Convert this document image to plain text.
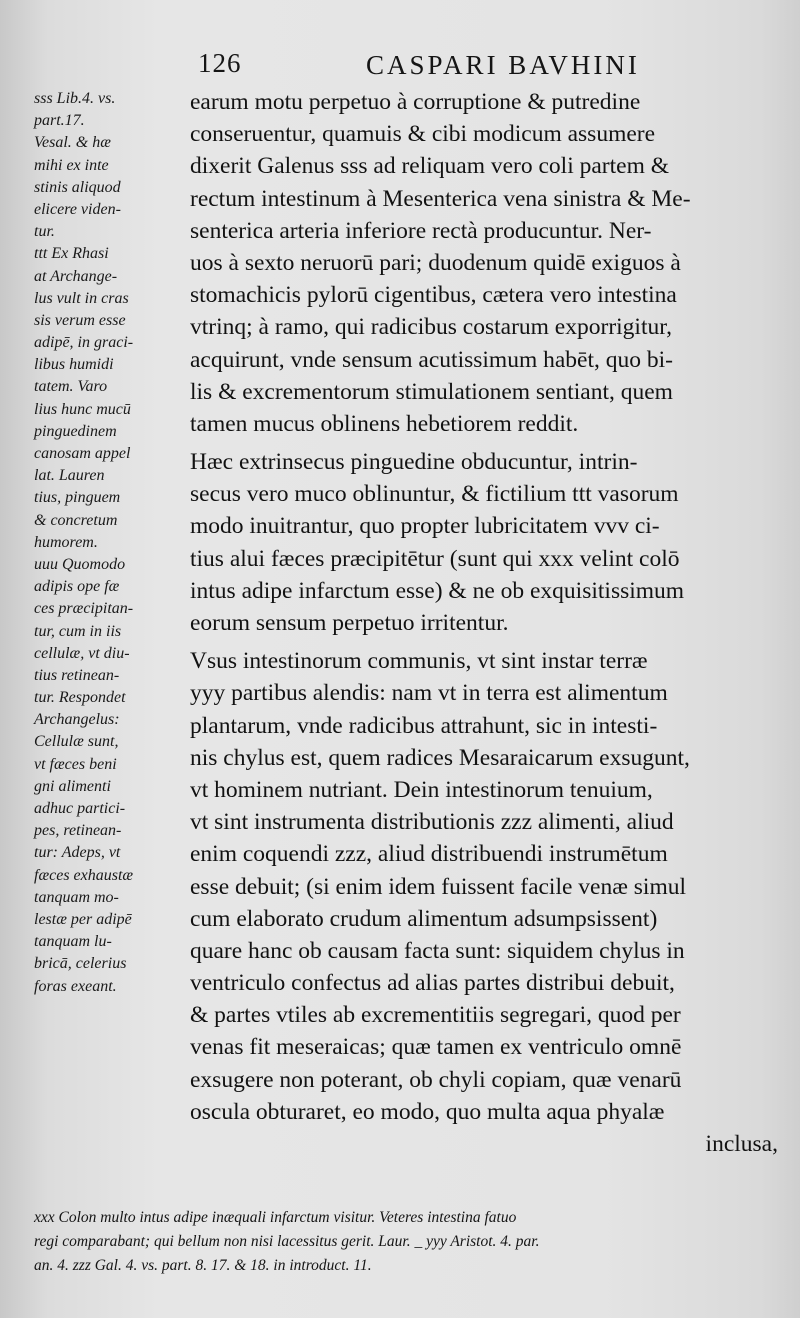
126	CASPARI BAVHINI
sss Lib.4. vs.
part.17.
Vesal. & hæ
mihi ex inte
stinis aliquod
elicere viden-
tur.
ttt Ex Rhasi
at Archange-
lus vult in cras
sis verum esse
adipē, in graci-
libus humidi
tatem. Varo
lius hunc mucū
pinguedinem
canosam appel
lat. Lauren
tius, pinguem
& concretum
humorem.
uuu Quomodo
adipis ope fæ
ces præcipitan-
tur, cum in iis
cellulæ, vt diu-
tius retinean-
tur. Respondet
Archangelus:
Cellulæ sunt,
vt fæces beni
gni alimenti
adhuc partici-
pes, retinean-
tur: Adeps, vt
fæces exhaustæ
tanquam mo-
lestæ per adipē
tanquam lu-
bricā, celerius
foras exeant.
earum motu perpetuo à corruptione & putredine
conseruentur, quamuis & cibi modicum assumere
dixerit Galenus sss ad reliquam vero coli partem &
rectum intestinum à Mesenterica vena sinistra & Me-
senterica arteria inferiore rectà producuntur. Ner-
uos à sexto neruorū pari; duodenum quidē exiguos à
stomachicis pylorū cigentibus, cætera vero intestina
vtrinq; à ramo, qui radicibus costarum exporrigitur,
acquirunt, vnde sensum acutissimum habēt, quo bi-
lis & excrementorum stimulationem sentiant, quem
tamen mucus oblinens hebetiorem reddit.
Hæc extrinsecus pinguedine obducuntur, intrin-
secus vero muco oblinuntur, & fictilium ttt vasorum
modo inuitrantur, quo propter lubricitatem vvv ci-
tius alui fæces præcipitētur (sunt qui xxx velint colō
intus adipe infarctum esse) & ne ob exquisitissimum
eorum sensum perpetuo irritentur.
Vsus intestinorum communis, vt sint instar terræ
yyy partibus alendis: nam vt in terra est alimentum
plantarum, vnde radicibus attrahunt, sic in intesti-
nis chylus est, quem radices Mesaraicarum exsugunt,
vt hominem nutriant. Dein intestinorum tenuium,
vt sint instrumenta distributionis zzz alimenti, aliud
enim coquendi zzz, aliud distribuendi instrumētum
esse debuit; (si enim idem fuissent facile venæ simul
cum elaborato crudum alimentum adsumpsissent)
quare hanc ob causam facta sunt: siquidem chylus in
ventriculo confectus ad alias partes distribui debuit,
& partes vtiles ab excrementitiis segregari, quod per
venas fit meseraicas; quæ tamen ex ventriculo omnē
exsugere non poterant, ob chyli copiam, quæ venarū
oscula obturaret, eo modo, quo multa aqua phyalæ
inclusa,
xxx Colon multo intus adipe inæquali infarctum visitur. Veteres intestina fatuo
regi comparabant; qui bellum non nisi lacessitus gerit. Laur. _ yyy Aristot. 4. par.
an. 4. zzz Gal. 4. vs. part. 8. 17. & 18. in introduct. 11.
